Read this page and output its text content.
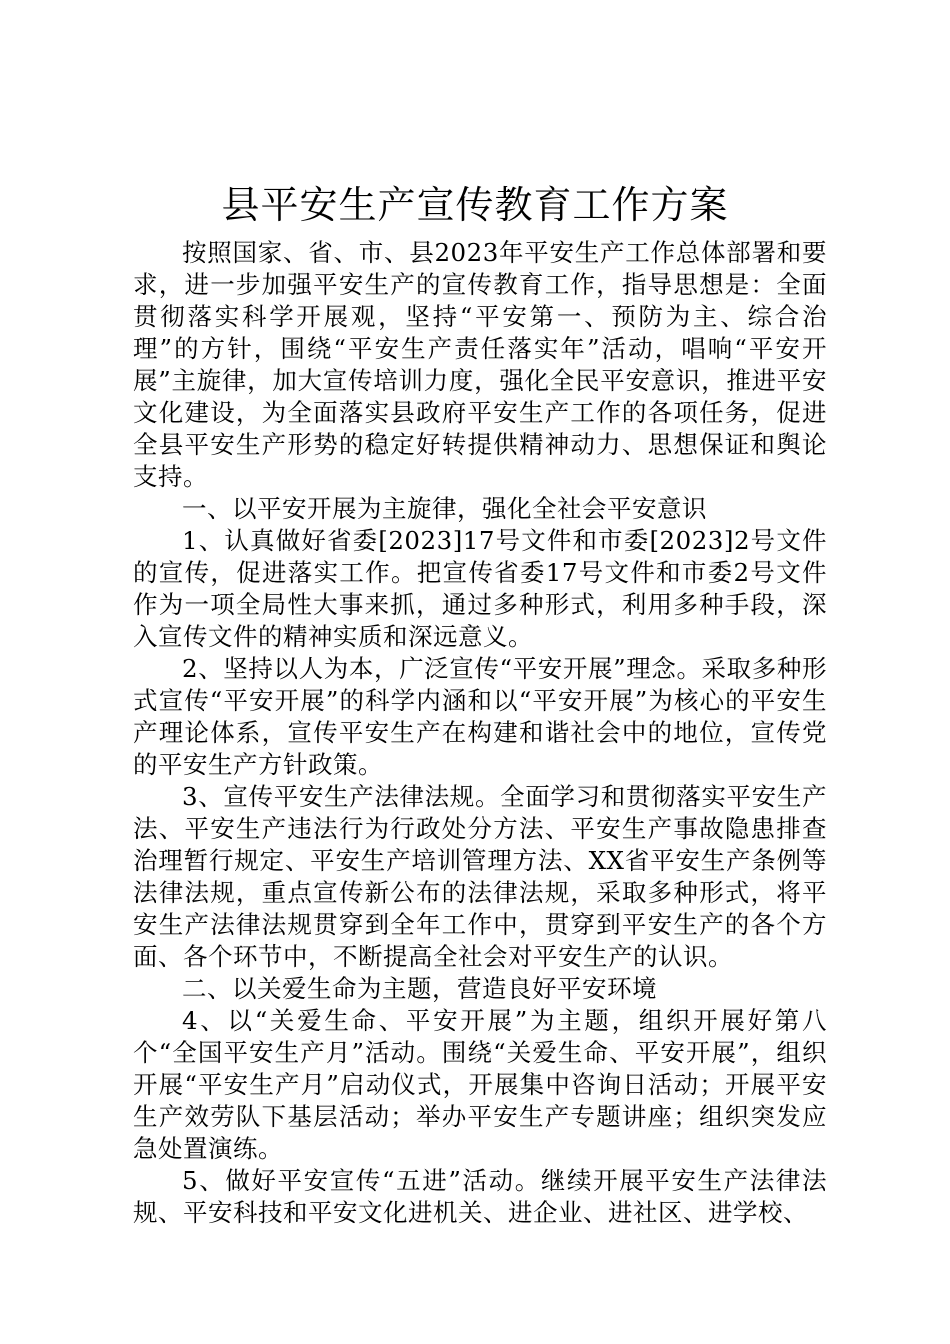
县平安生产宣传教育工作方案

按照国家、省、市、县2023年平安生产工作总体部署和要求，进一步加强平安生产的宣传教育工作，指导思想是：全面贯彻落实科学开展观，坚持“平安第一、预防为主、综合治理”的方针，围绕“平安生产责任落实年”活动，唱响“平安开展”主旋律，加大宣传培训力度，强化全民平安意识，推进平安文化建设，为全面落实县政府平安生产工作的各项任务，促进全县平安生产形势的稳定好转提供精神动力、思想保证和舆论支持。

一、以平安开展为主旋律，强化全社会平安意识

1、认真做好省委[2023]17号文件和市委[2023]2号文件的宣传，促进落实工作。把宣传省委17号文件和市委2号文件作为一项全局性大事来抓，通过多种形式，利用多种手段，深入宣传文件的精神实质和深远意义。

2、坚持以人为本，广泛宣传“平安开展”理念。采取多种形式宣传“平安开展”的科学内涵和以“平安开展”为核心的平安生产理论体系，宣传平安生产在构建和谐社会中的地位，宣传党的平安生产方针政策。

3、宣传平安生产法律法规。全面学习和贯彻落实平安生产法、平安生产违法行为行政处分方法、平安生产事故隐患排查治理暂行规定、平安生产培训管理方法、XX省平安生产条例等法律法规，重点宣传新公布的法律法规，采取多种形式，将平安生产法律法规贯穿到全年工作中，贯穿到平安生产的各个方面、各个环节中，不断提高全社会对平安生产的认识。

二、以关爱生命为主题，营造良好平安环境

4、以“关爱生命、平安开展”为主题，组织开展好第八个“全国平安生产月”活动。围绕“关爱生命、平安开展”，组织开展“平安生产月”启动仪式，开展集中咨询日活动；开展平安生产效劳队下基层活动；举办平安生产专题讲座；组织突发应急处置演练。

5、做好平安宣传“五进”活动。继续开展平安生产法律法规、平安科技和平安文化进机关、进企业、进社区、进学校、
